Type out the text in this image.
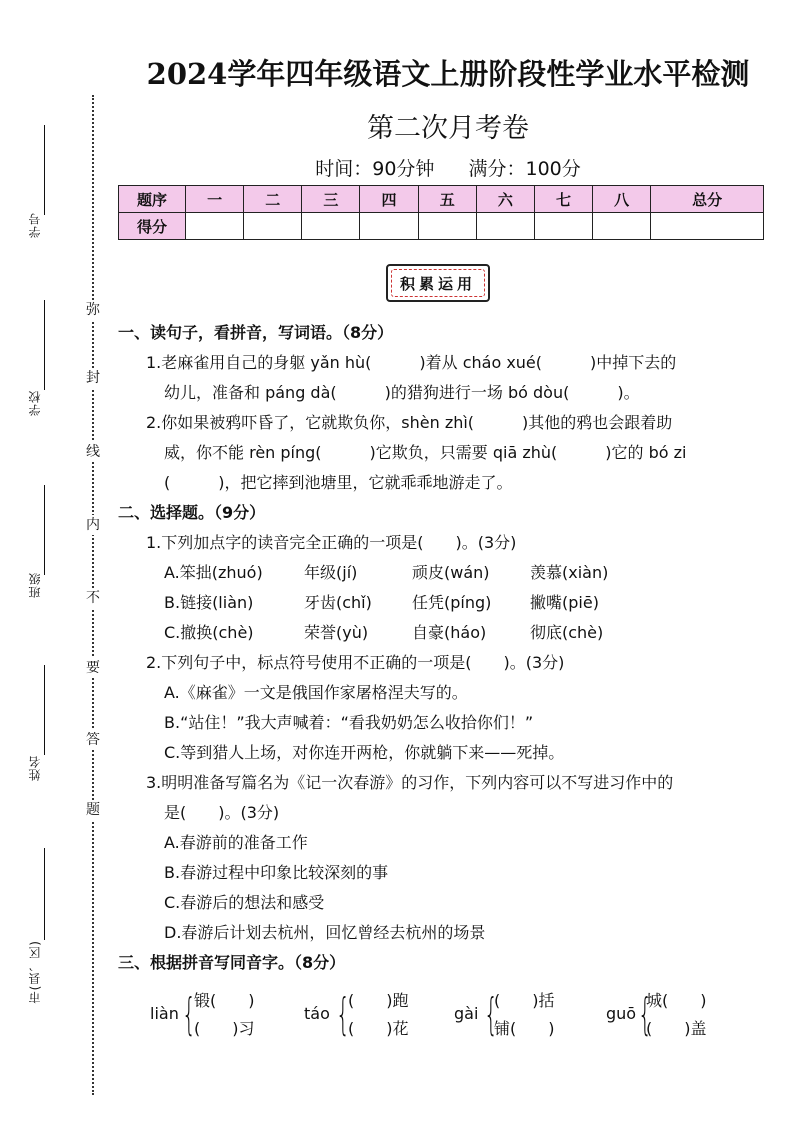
学号
学校
班级
姓名
市(县、区)
弥
封
线
内
不
要
答
题
2024学年四年级语文上册阶段性学业水平检测
第二次月考卷
时间：90分钟 满分：100分
题序	一	二	三	四	五	六	七	八	总分
得分									
积累运用
一、读句子，看拼音，写词语。（8分）
1.老麻雀用自己的身躯 yǎn hù(　　　)着从 cháo xué(　　　)中掉下去的
幼儿，准备和 páng dà(　　　)的猎狗进行一场 bó dòu(　　　)。
2.你如果被鸦吓昏了，它就欺负你，shèn zhì(　　　)其他的鸦也会跟着助
威，你不能 rèn píng(　　　)它欺负，只需要 qiā zhù(　　　)它的 bó zi
(　　　)，把它摔到池塘里，它就乖乖地游走了。
二、选择题。（9分）
1.下列加点字的读音完全正确的一项是(　　)。(3分)
A.笨拙(zhuó)	年级(jí)	顽皮(wán)	羡慕(xiàn)
B.链接(liàn)	牙齿(chǐ)	任凭(píng)	撇嘴(piē)
C.撤换(chè)	荣誉(yù)	自豪(háo)	彻底(chè)
2.下列句子中，标点符号使用不正确的一项是(　　)。(3分)
A.《麻雀》一文是俄国作家屠格涅夫写的。
B.“站住！”我大声喊着：“看我奶奶怎么收拾你们！”
C.等到猎人上场，对你连开两枪，你就躺下来——死掉。
3.明明准备写篇名为《记一次春游》的习作，下列内容可以不写进习作中的
是(　　)。(3分)
A.春游前的准备工作
B.春游过程中印象比较深刻的事
C.春游后的想法和感受
D.春游后计划去杭州，回忆曾经去杭州的场景
三、根据拼音写同音字。（8分）
liàn {
锻(　　)
(　　)习
táo {
(　　)跑
(　　)花
gài {
(　　)括
铺(　　)
guō {
城(　　)
(　　)盖
